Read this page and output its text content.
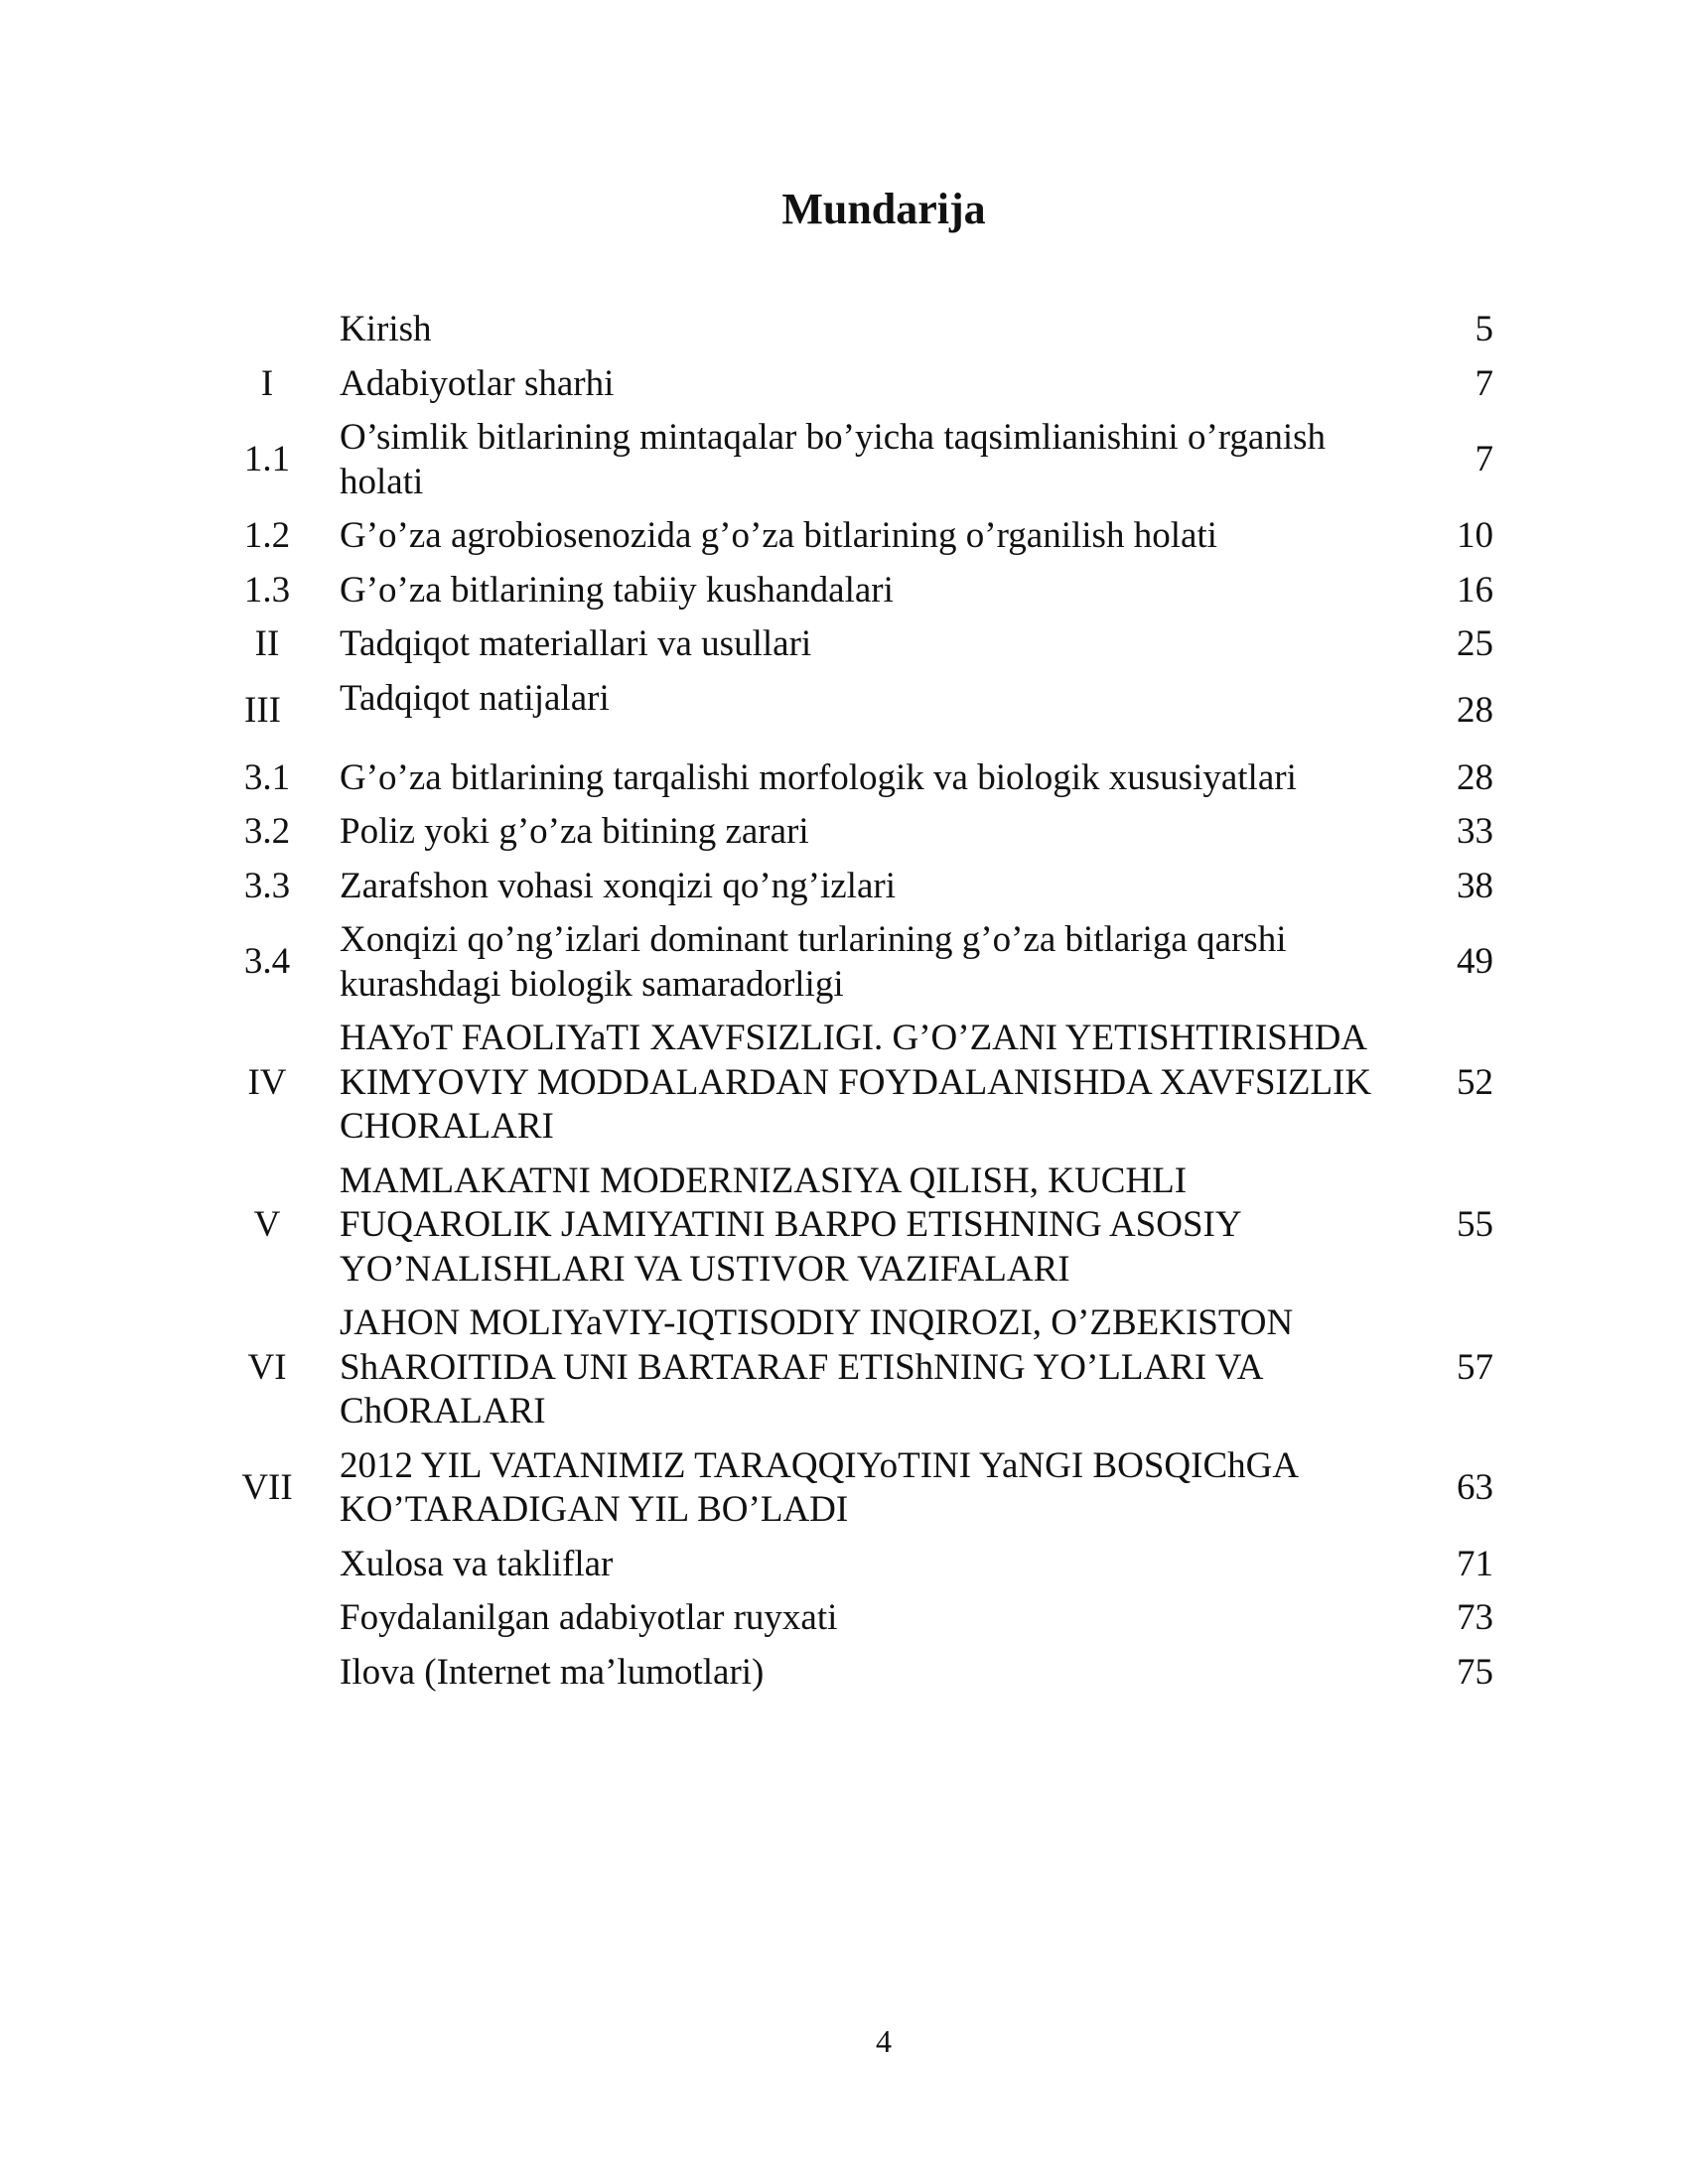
Mundarija
	Kirish	5
I	Adabiyotlar sharhi	7
1.1	O’simlik bitlarining mintaqalar bo’yicha taqsimlianishini o’rganish holati	7
1.2	G’o’za agrobiosenozida g’o’za bitlarining o’rganilish holati	10
1.3	G’o’za bitlarining tabiiy kushandalari	16
II	Tadqiqot materiallari va usullari	25
III	Tadqiqot natijalari	28
3.1	G’o’za bitlarining tarqalishi morfologik va biologik xususiyatlari	28
3.2	Poliz yoki g’o’za bitining zarari	33
3.3	Zarafshon vohasi xonqizi qo’ng’izlari	38
3.4	Xonqizi qo’ng’izlari dominant turlarining g’o’za bitlariga qarshi kurashdagi biologik samaradorligi	49
IV	HAYoT FAOLIYaTI XAVFSIZLIGI. G’O’ZANI YETISHTIRISHDA KIMYOVIY MODDALARDAN FOYDALANISHDA XAVFSIZLIK CHORALARI	52
V	MAMLAKATNI MODERNIZASIYA QILISH, KUCHLI FUQAROLIK JAMIYATINI BARPO ETISHNING ASOSIY YO’NALISHLARI VA USTIVOR VAZIFALARI	55
VI	JAHON MOLIYaVIY-IQTISODIY INQIROZI, O’ZBEKISTON ShAROITIDA UNI BARTARAF ETIShNING YO’LLARI VA ChORALARI	57
VII	2012 YIL VATANIMIZ TARAQQIYoTINI YaNGI BOSQIChGA KO’TARADIGAN YIL BO’LADI	63
	Xulosa va takliflar	71
	Foydalanilgan adabiyotlar ruyxati	73
	Ilova (Internet ma’lumotlari)	75
4
